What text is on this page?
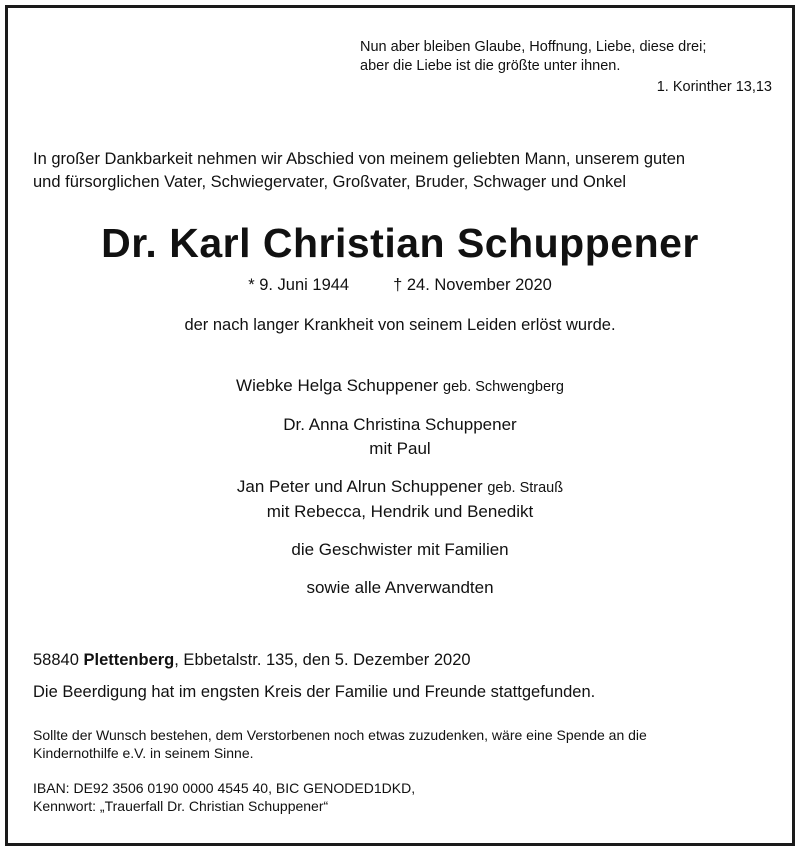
Nun aber bleiben Glaube, Hoffnung, Liebe, diese drei;
aber die Liebe ist die größte unter ihnen.
1. Korinther 13,13
In großer Dankbarkeit nehmen wir Abschied von meinem geliebten Mann, unserem guten
und fürsorglichen Vater, Schwiegervater, Großvater, Bruder, Schwager und Onkel
Dr. Karl Christian Schuppener
* 9. Juni 1944	† 24. November 2020
der nach langer Krankheit von seinem Leiden erlöst wurde.
Wiebke Helga Schuppener geb. Schwengberg
Dr. Anna Christina Schuppener
mit Paul
Jan Peter und Alrun Schuppener geb. Strauß
mit Rebecca, Hendrik und Benedikt
die Geschwister mit Familien
sowie alle Anverwandten
58840 Plettenberg, Ebbetalstr. 135, den 5. Dezember 2020
Die Beerdigung hat im engsten Kreis der Familie und Freunde stattgefunden.
Sollte der Wunsch bestehen, dem Verstorbenen noch etwas zuzudenken, wäre eine Spende an die
Kindernothilfe e.V. in seinem Sinne.
IBAN: DE92 3506 0190 0000 4545 40, BIC GENODED1DKD,
Kennwort: „Trauerfall Dr. Christian Schuppener“
